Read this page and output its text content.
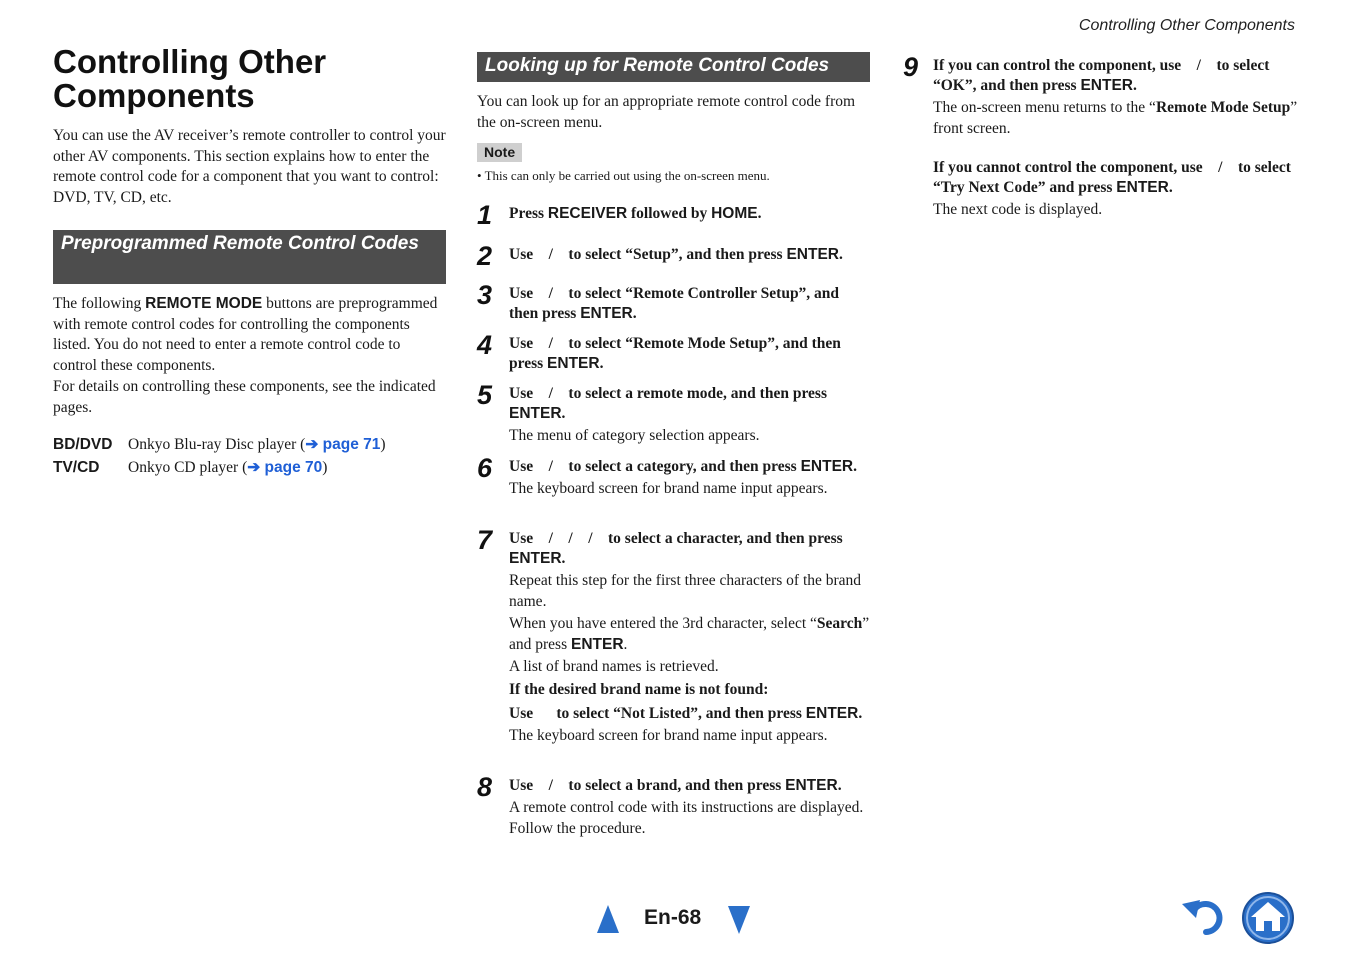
Controlling Other Components
Controlling Other Components

You can use the AV receiver’s remote controller to control your other AV components. This section explains how to enter the remote control code for a component that you want to control: DVD, TV, CD, etc.

Preprogrammed Remote Control Codes

The following REMOTE MODE buttons are preprogrammed with remote control codes for controlling the components listed. You do not need to enter a remote control code to control these components.

For details on controlling these components, see the indicated pages.

BD/DVD	Onkyo Blu-ray Disc player (➔ page 71)
TV/CD	Onkyo CD player (➔ page 70)
Looking up for Remote Control Codes

You can look up for an appropriate remote control code from the on-screen menu.

Note
• This can only be carried out using the on-screen menu.
1 Press RECEIVER followed by HOME.

2 Use    /    to select “Setup”, and then press ENTER.

3 Use    /    to select “Remote Controller Setup”, and then press ENTER.

4 Use    /    to select “Remote Mode Setup”, and then press ENTER.

5 Use    /    to select a remote mode, and then press ENTER.

The menu of category selection appears.

6 Use    /    to select a category, and then press ENTER.

The keyboard screen for brand name input appears.

7 Use    /    /    /    to select a character, and then press ENTER.

Repeat this step for the first three characters of the brand name.

When you have entered the 3rd character, select “Search” and press ENTER.

A list of brand names is retrieved.

If the desired brand name is not found:

Use      to select “Not Listed”, and then press ENTER.

The keyboard screen for brand name input appears.

8 Use    /    to select a brand, and then press ENTER.

A remote control code with its instructions are displayed. Follow the procedure.

9 If you can control the component, use    /    to select “OK”, and then press ENTER.

The on-screen menu returns to the “Remote Mode Setup” front screen.

If you cannot control the component, use    /    to select “Try Next Code” and press ENTER.

The next code is displayed.

En-68
